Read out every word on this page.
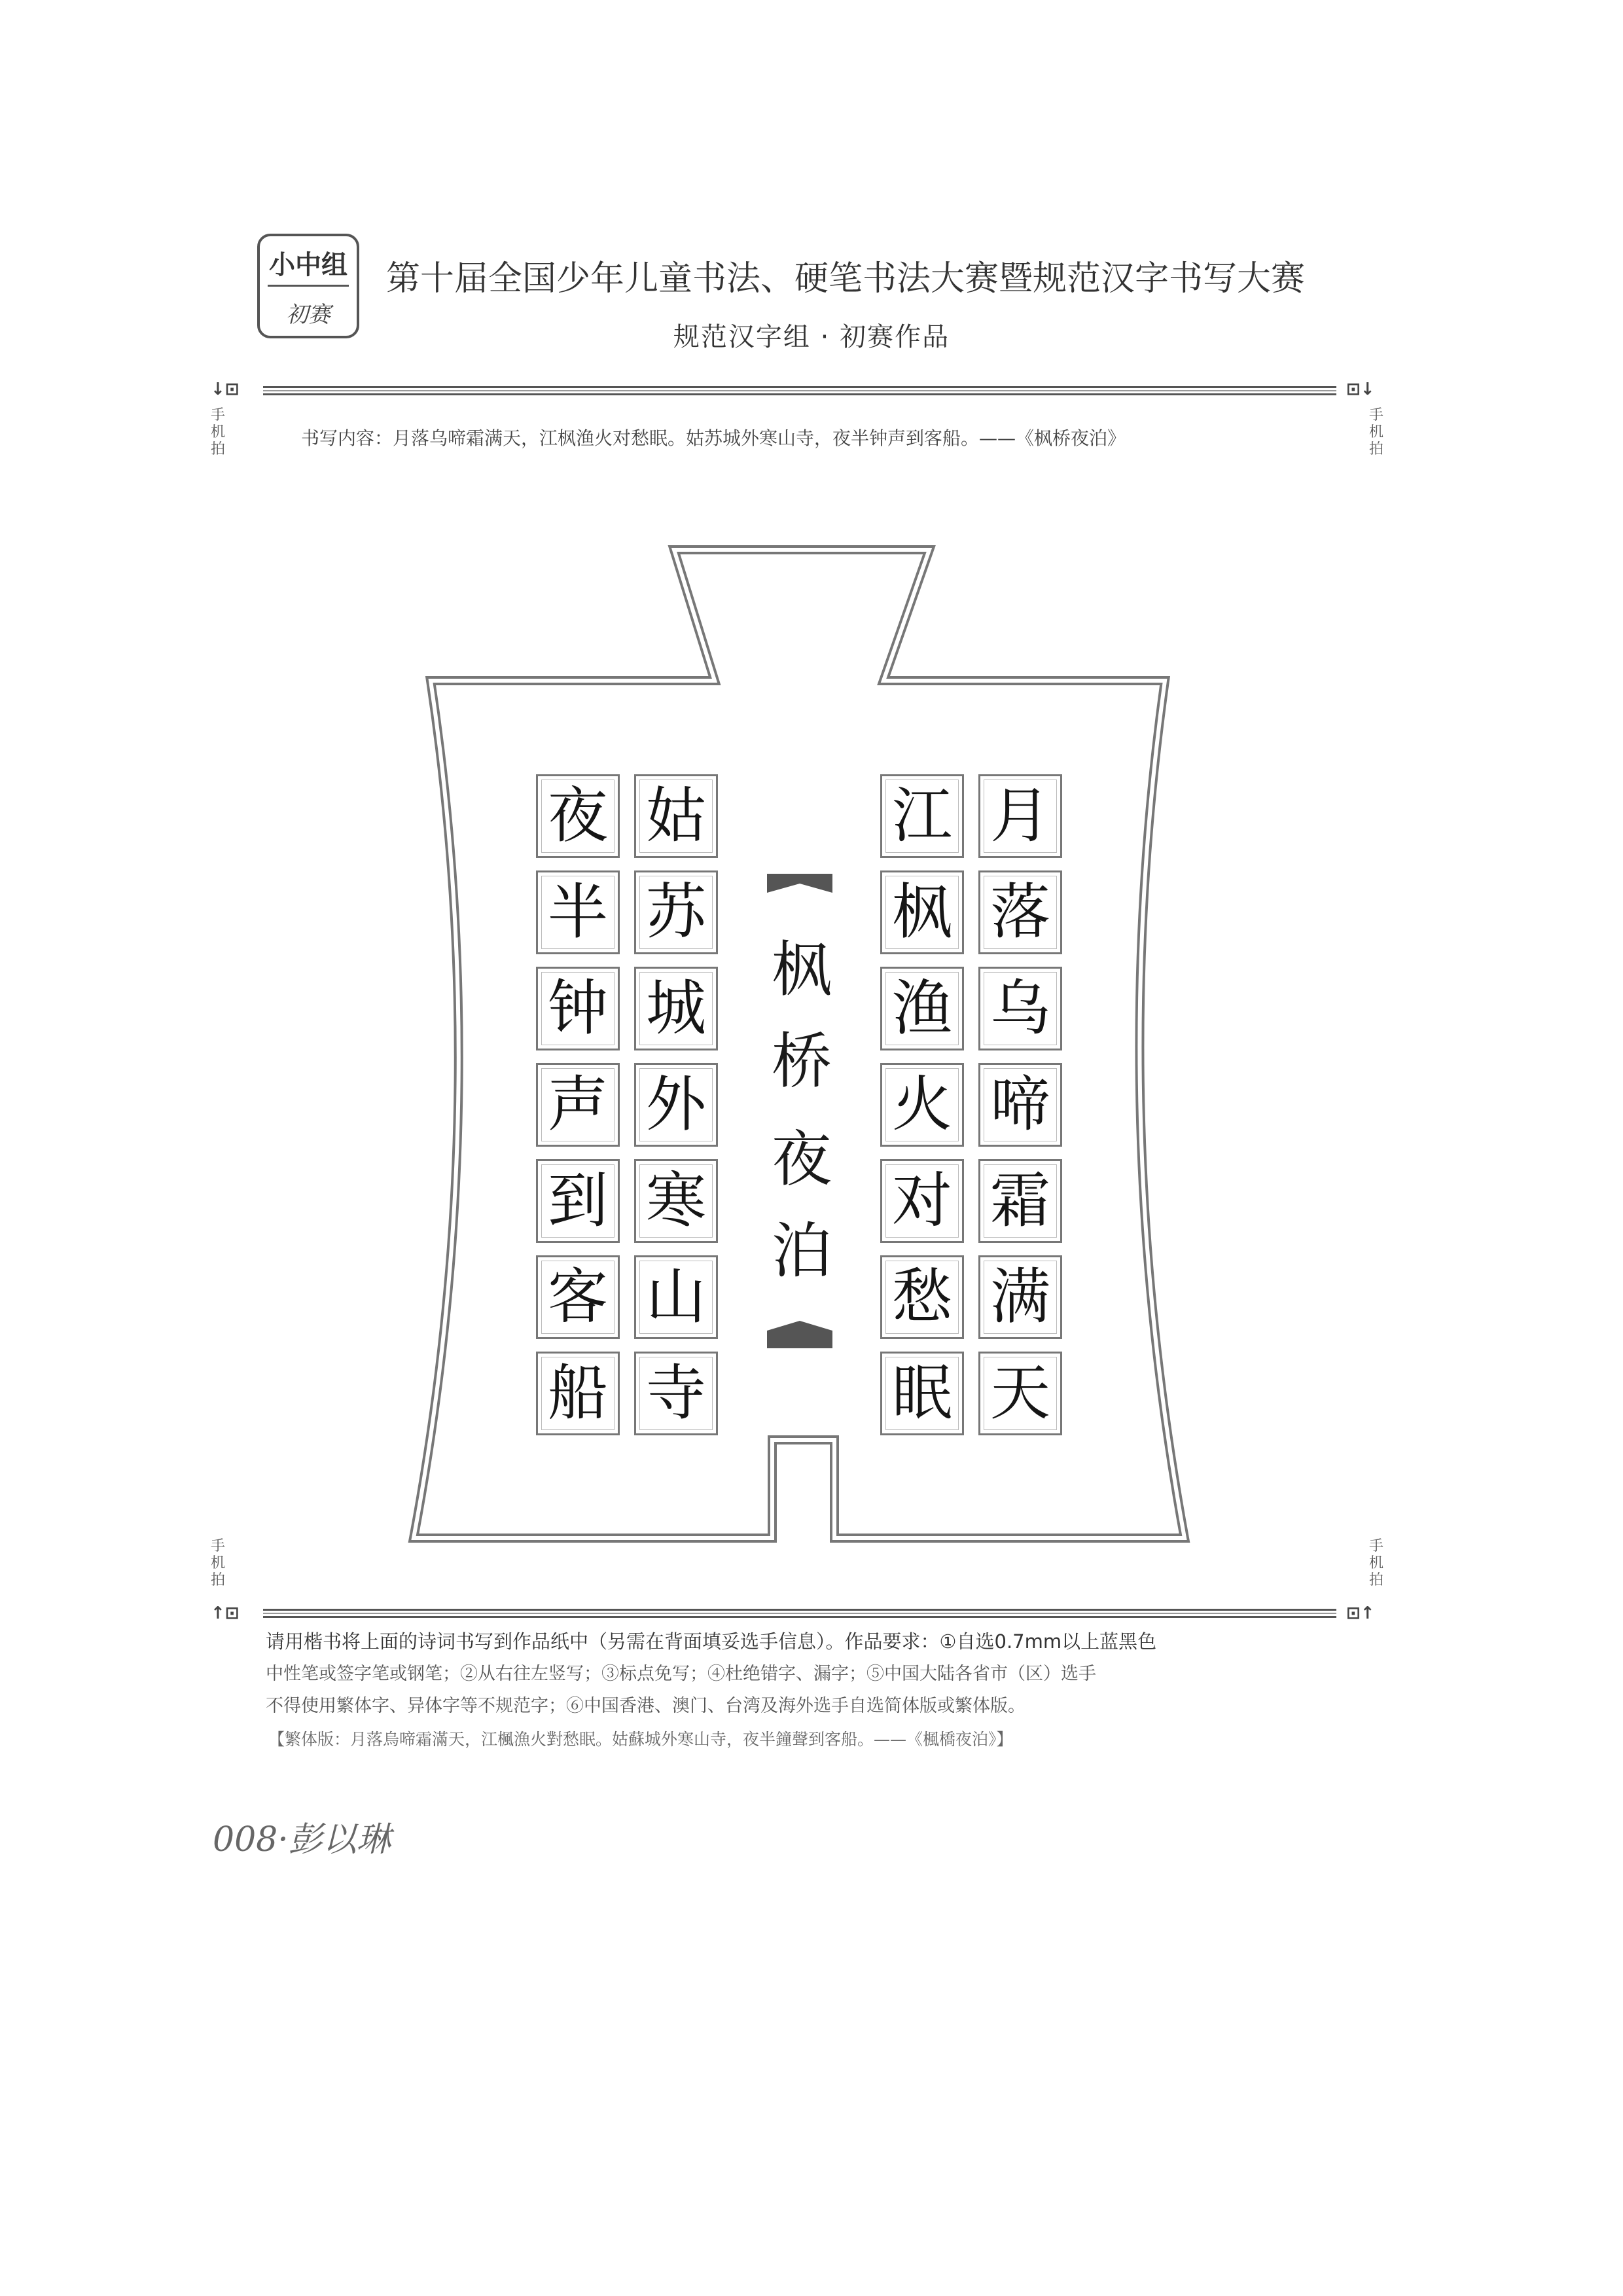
小中组
初赛
第十届全国少年儿童书法、硬笔书法大赛暨规范汉字书写大赛
规范汉字组 · 初赛作品
↓⊡	⊡↓
手机拍
手机拍
书写内容：月落乌啼霜满天，江枫渔火对愁眠。姑苏城外寒山寺，夜半钟声到客船。——《枫桥夜泊》
枫
桥
夜
泊
月
落
乌
啼
霜
满
天
江
枫
渔
火
对
愁
眠
姑
苏
城
外
寒
山
寺
夜
半
钟
声
到
客
船
手机拍
手机拍
↑⊡	⊡↑
请用楷书将上面的诗词书写到作品纸中（另需在背面填妥选手信息）。作品要求：①自选0.7mm以上蓝黑色
中性笔或签字笔或钢笔；②从右往左竖写；③标点免写；④杜绝错字、漏字；⑤中国大陆各省市（区）选手
不得使用繁体字、异体字等不规范字；⑥中国香港、澳门、台湾及海外选手自选简体版或繁体版。
【繁体版：月落烏啼霜滿天，江楓漁火對愁眠。姑蘇城外寒山寺，夜半鐘聲到客船。——《楓橋夜泊》】
008·彭以琳
